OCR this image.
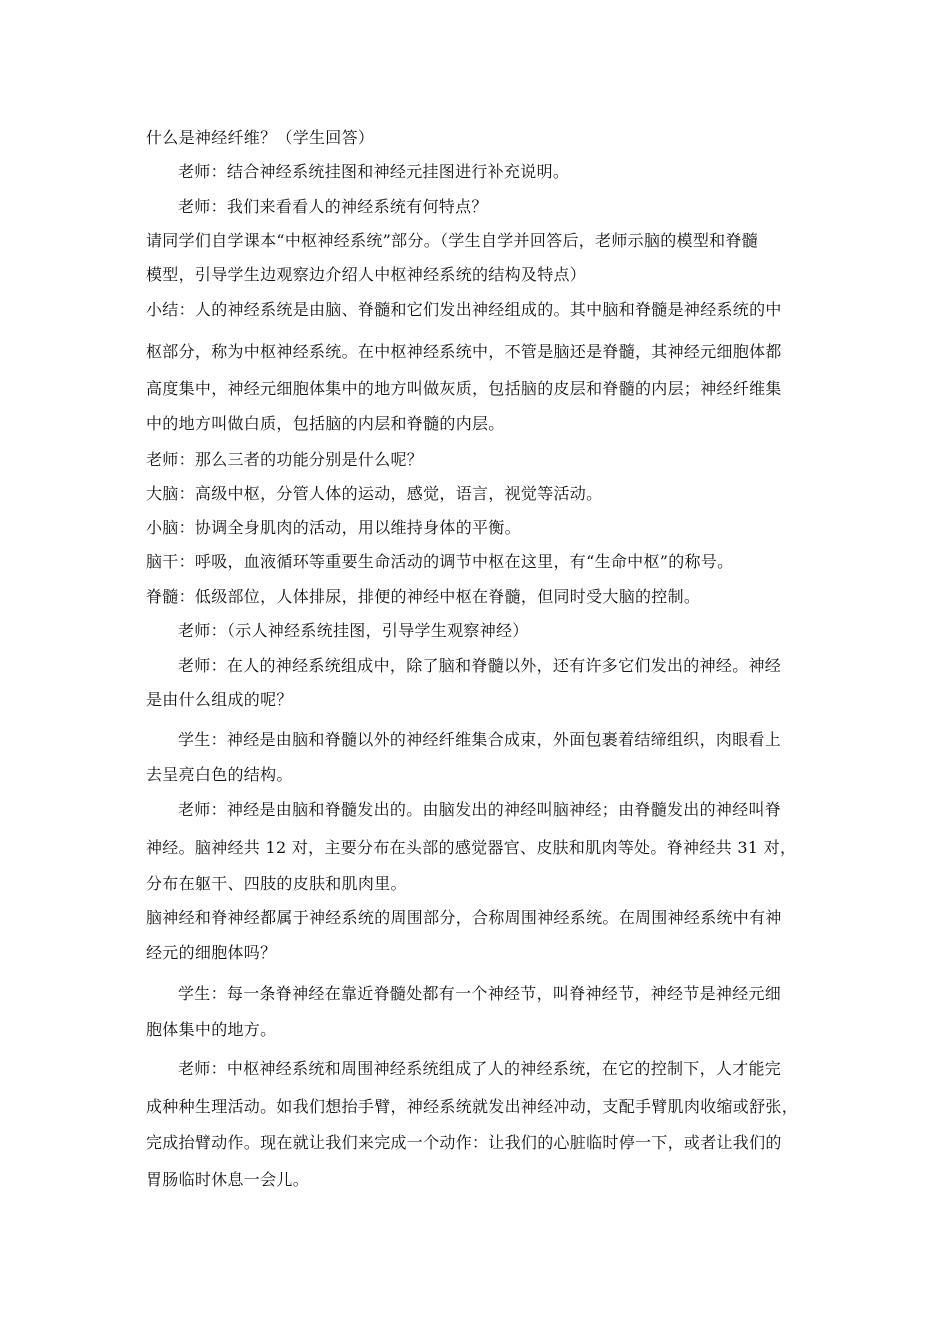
什么是神经纤维？（学生回答）
老师：结合神经系统挂图和神经元挂图进行补充说明。
老师：我们来看看人的神经系统有何特点？
请同学们自学课本“中枢神经系统”部分。（学生自学并回答后，老师示脑的模型和脊髓
模型，引导学生边观察边介绍人中枢神经系统的结构及特点）
小结：人的神经系统是由脑、脊髓和它们发出神经组成的。其中脑和脊髓是神经系统的中
枢部分，称为中枢神经系统。在中枢神经系统中，不管是脑还是脊髓，其神经元细胞体都
高度集中，神经元细胞体集中的地方叫做灰质，包括脑的皮层和脊髓的内层；神经纤维集
中的地方叫做白质，包括脑的内层和脊髓的内层。
老师：那么三者的功能分别是什么呢？
大脑：高级中枢，分管人体的运动，感觉，语言，视觉等活动。
小脑：协调全身肌肉的活动，用以维持身体的平衡。
脑干：呼吸，血液循环等重要生命活动的调节中枢在这里，有“生命中枢”的称号。
脊髓：低级部位，人体排尿，排便的神经中枢在脊髓，但同时受大脑的控制。
老师：（示人神经系统挂图，引导学生观察神经）
老师：在人的神经系统组成中，除了脑和脊髓以外，还有许多它们发出的神经。神经
是由什么组成的呢？
学生：神经是由脑和脊髓以外的神经纤维集合成束，外面包裹着结缔组织，肉眼看上
去呈亮白色的结构。
老师：神经是由脑和脊髓发出的。由脑发出的神经叫脑神经；由脊髓发出的神经叫脊
神经。脑神经共 12 对，主要分布在头部的感觉器官、皮肤和肌肉等处。脊神经共 31 对，
分布在躯干、四肢的皮肤和肌肉里。
脑神经和脊神经都属于神经系统的周围部分，合称周围神经系统。在周围神经系统中有神
经元的细胞体吗？
学生：每一条脊神经在靠近脊髓处都有一个神经节，叫脊神经节，神经节是神经元细
胞体集中的地方。
老师：中枢神经系统和周围神经系统组成了人的神经系统，在它的控制下，人才能完
成种种生理活动。如我们想抬手臂，神经系统就发出神经冲动，支配手臂肌肉收缩或舒张，
完成抬臂动作。现在就让我们来完成一个动作：让我们的心脏临时停一下，或者让我们的
胃肠临时休息一会儿。
